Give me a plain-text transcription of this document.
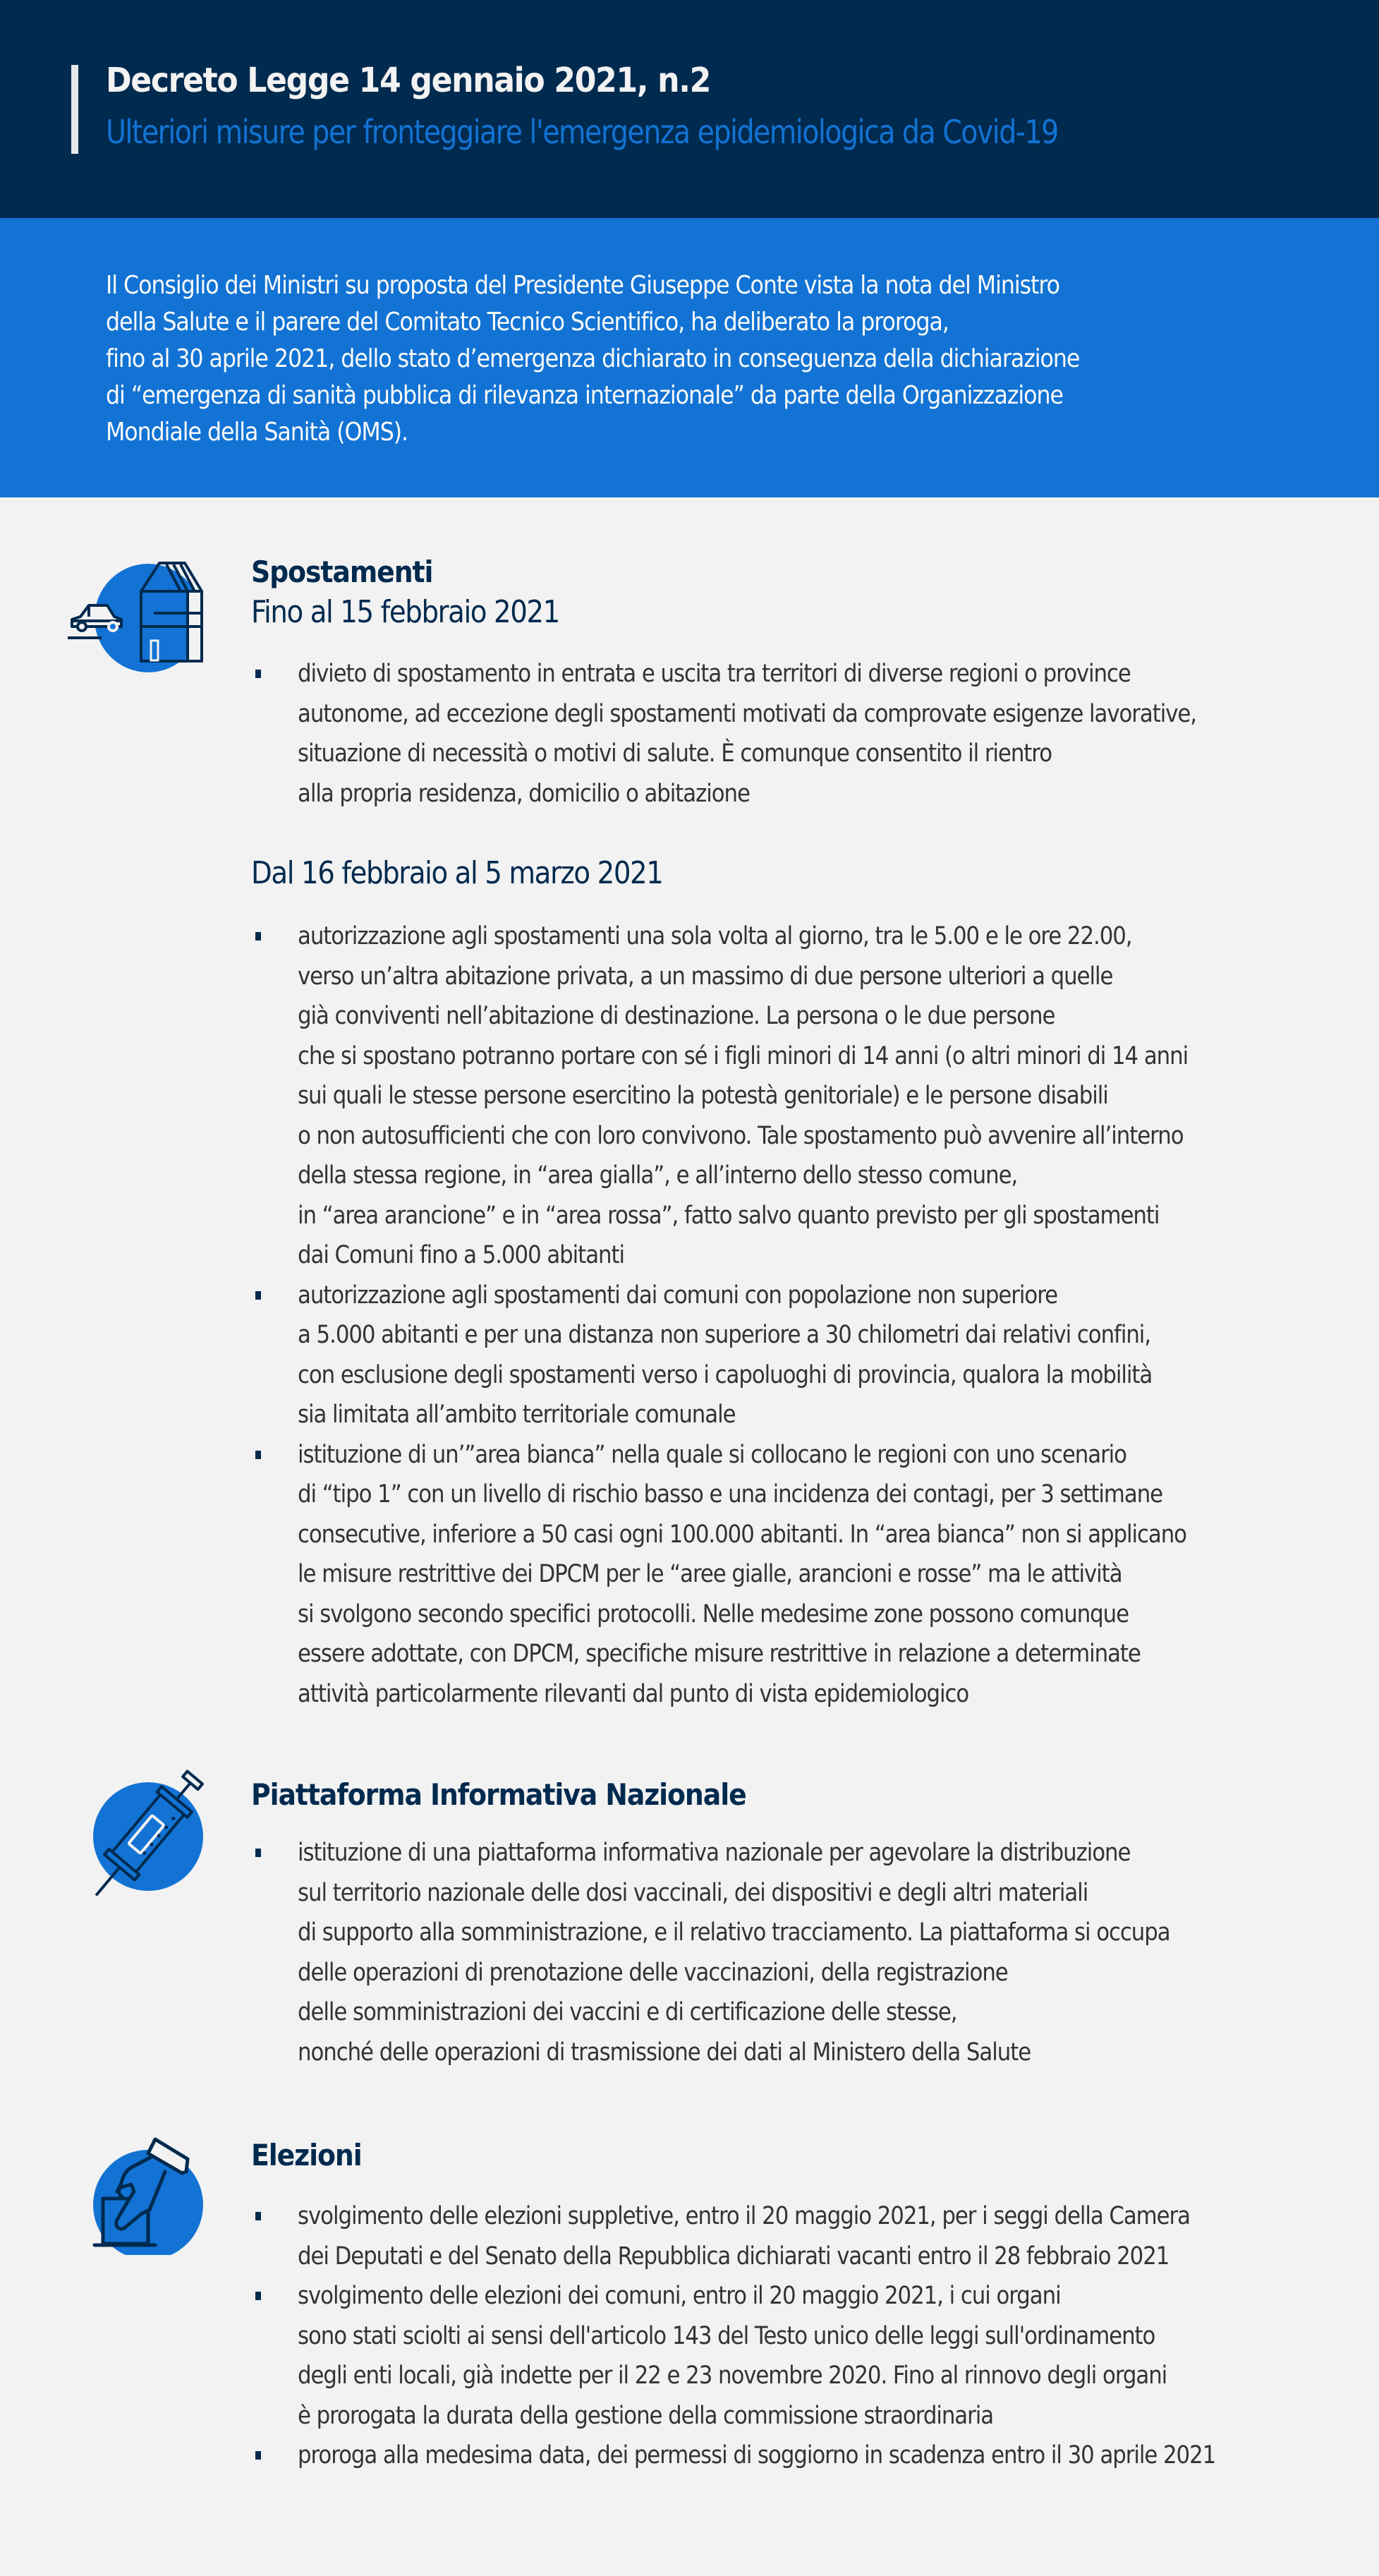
Decreto Legge 14 gennaio 2021, n.2
Ulteriori misure per fronteggiare l'emergenza epidemiologica da Covid-19
Il Consiglio dei Ministri su proposta del Presidente Giuseppe Conte vista la nota del Ministro
della Salute e il parere del Comitato Tecnico Scientifico, ha deliberato la proroga,
fino al 30 aprile 2021, dello stato d’emergenza dichiarato in conseguenza della dichiarazione
di “emergenza di sanità pubblica di rilevanza internazionale” da parte della Organizzazione
Mondiale della Sanità (OMS).
Spostamenti
Fino al 15 febbraio 2021
divieto di spostamento in entrata e uscita tra territori di diverse regioni o province
autonome, ad eccezione degli spostamenti motivati da comprovate esigenze lavorative,
situazione di necessità o motivi di salute. È comunque consentito il rientro
alla propria residenza, domicilio o abitazione
Dal 16 febbraio al 5 marzo 2021
autorizzazione agli spostamenti una sola volta al giorno, tra le 5.00 e le ore 22.00,
verso un’altra abitazione privata, a un massimo di due persone ulteriori a quelle
già conviventi nell’abitazione di destinazione. La persona o le due persone
che si spostano potranno portare con sé i figli minori di 14 anni (o altri minori di 14 anni
sui quali le stesse persone esercitino la potestà genitoriale) e le persone disabili
o non autosufficienti che con loro convivono. Tale spostamento può avvenire all’interno
della stessa regione, in “area gialla”, e all’interno dello stesso comune,
in “area arancione” e in “area rossa”, fatto salvo quanto previsto per gli spostamenti
dai Comuni fino a 5.000 abitanti
autorizzazione agli spostamenti dai comuni con popolazione non superiore
a 5.000 abitanti e per una distanza non superiore a 30 chilometri dai relativi confini,
con esclusione degli spostamenti verso i capoluoghi di provincia, qualora la mobilità
sia limitata all’ambito territoriale comunale
istituzione di un’”area bianca” nella quale si collocano le regioni con uno scenario
di “tipo 1” con un livello di rischio basso e una incidenza dei contagi, per 3 settimane
consecutive, inferiore a 50 casi ogni 100.000 abitanti. In “area bianca” non si applicano
le misure restrittive dei DPCM per le “aree gialle, arancioni e rosse” ma le attività
si svolgono secondo specifici protocolli. Nelle medesime zone possono comunque
essere adottate, con DPCM, specifiche misure restrittive in relazione a determinate
attività particolarmente rilevanti dal punto di vista epidemiologico
Piattaforma Informativa Nazionale
istituzione di una piattaforma informativa nazionale per agevolare la distribuzione
sul territorio nazionale delle dosi vaccinali, dei dispositivi e degli altri materiali
di supporto alla somministrazione, e il relativo tracciamento. La piattaforma si occupa
delle operazioni di prenotazione delle vaccinazioni, della registrazione
delle somministrazioni dei vaccini e di certificazione delle stesse,
nonché delle operazioni di trasmissione dei dati al Ministero della Salute
Elezioni
svolgimento delle elezioni suppletive, entro il 20 maggio 2021, per i seggi della Camera
dei Deputati e del Senato della Repubblica dichiarati vacanti entro il 28 febbraio 2021
svolgimento delle elezioni dei comuni, entro il 20 maggio 2021, i cui organi
sono stati sciolti ai sensi dell'articolo 143 del Testo unico delle leggi sull'ordinamento
degli enti locali, già indette per il 22 e 23 novembre 2020. Fino al rinnovo degli organi
è prorogata la durata della gestione della commissione straordinaria
proroga alla medesima data, dei permessi di soggiorno in scadenza entro il 30 aprile 2021
